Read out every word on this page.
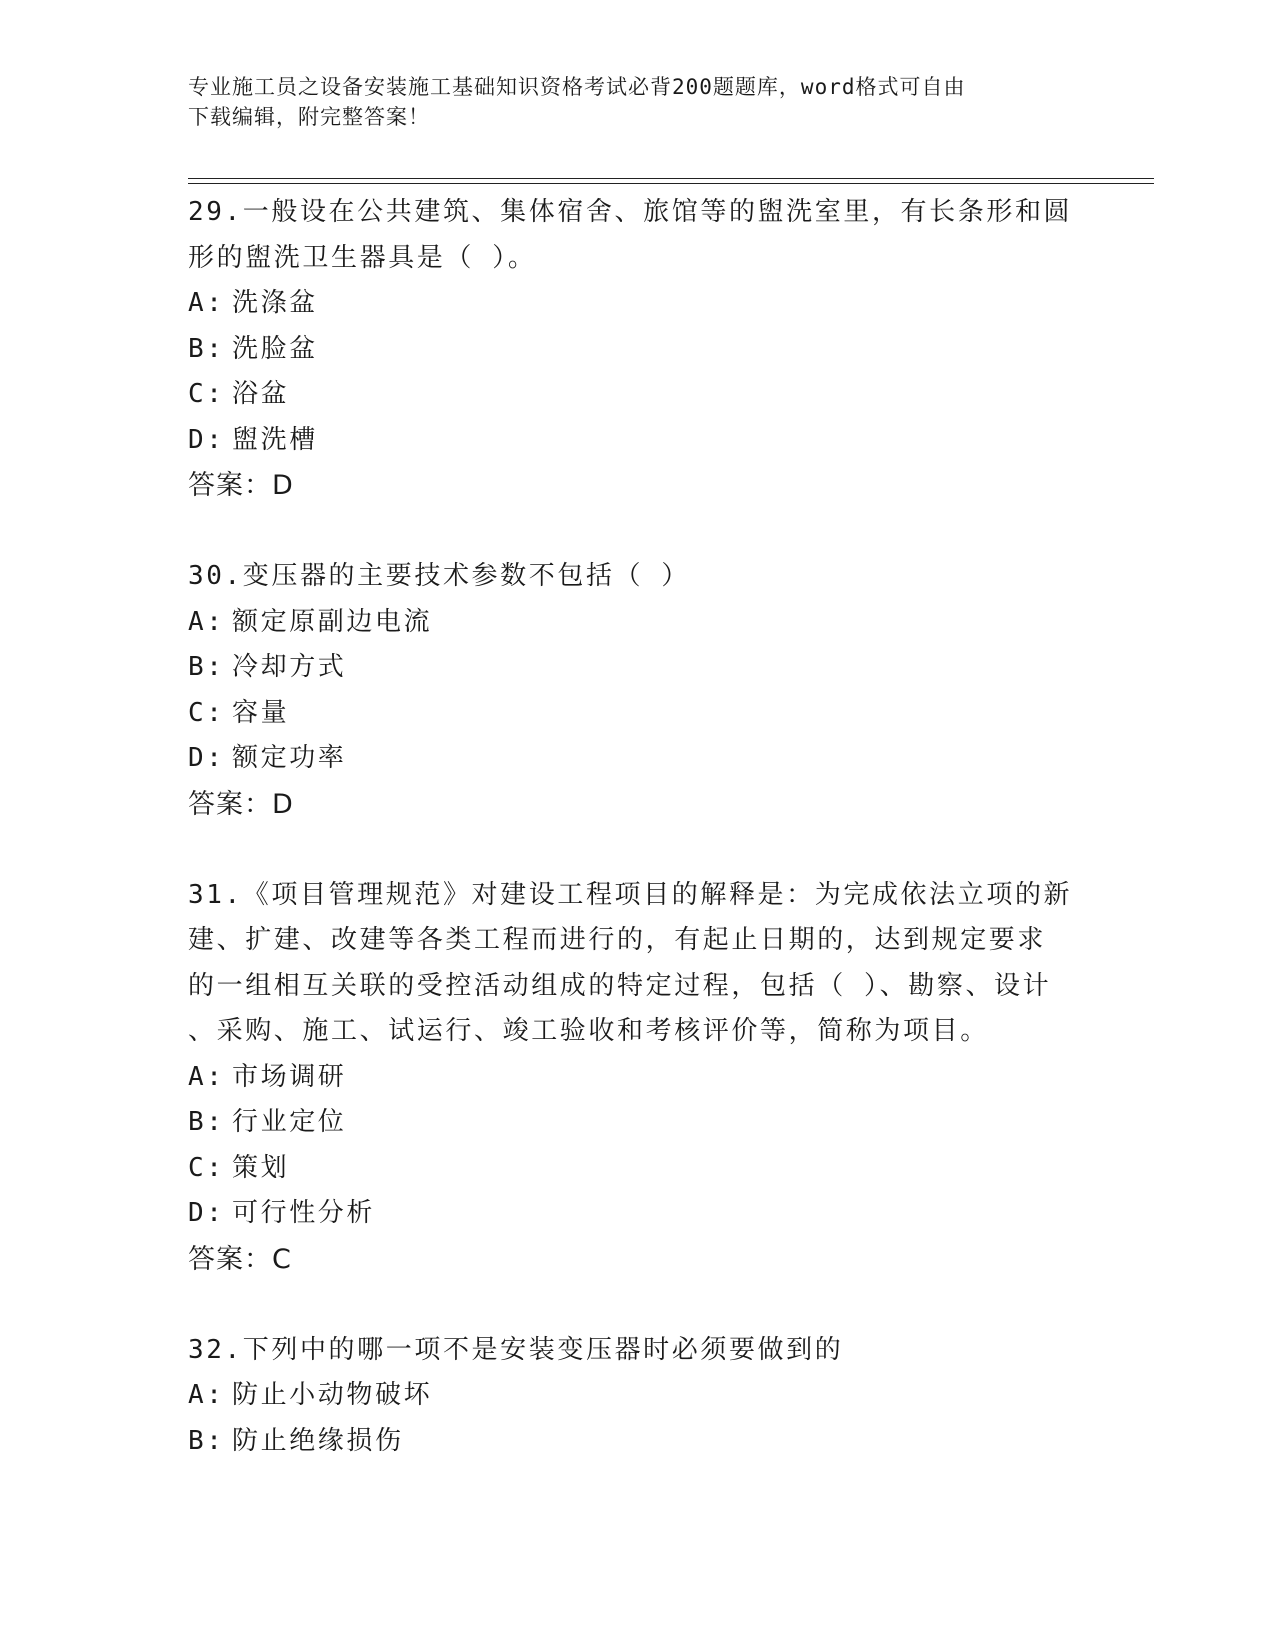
专业施工员之设备安装施工基础知识资格考试必背200题题库，word格式可自由
下载编辑，附完整答案！
29.一般设在公共建筑、集体宿舍、旅馆等的盥洗室里，有长条形和圆
形的盥洗卫生器具是（ ）。
A: 洗涤盆
B: 洗脸盆
C: 浴盆
D: 盥洗槽
答案：D
30.变压器的主要技术参数不包括（ ）
A: 额定原副边电流
B: 冷却方式
C: 容量
D: 额定功率
答案：D
31.《项目管理规范》对建设工程项目的解释是：为完成依法立项的新
建、扩建、改建等各类工程而进行的，有起止日期的，达到规定要求
的一组相互关联的受控活动组成的特定过程，包括（ ）、勘察、设计
、采购、施工、试运行、竣工验收和考核评价等，简称为项目。
A: 市场调研
B: 行业定位
C: 策划
D: 可行性分析
答案：C
32.下列中的哪一项不是安装变压器时必须要做到的
A: 防止小动物破坏
B: 防止绝缘损伤
